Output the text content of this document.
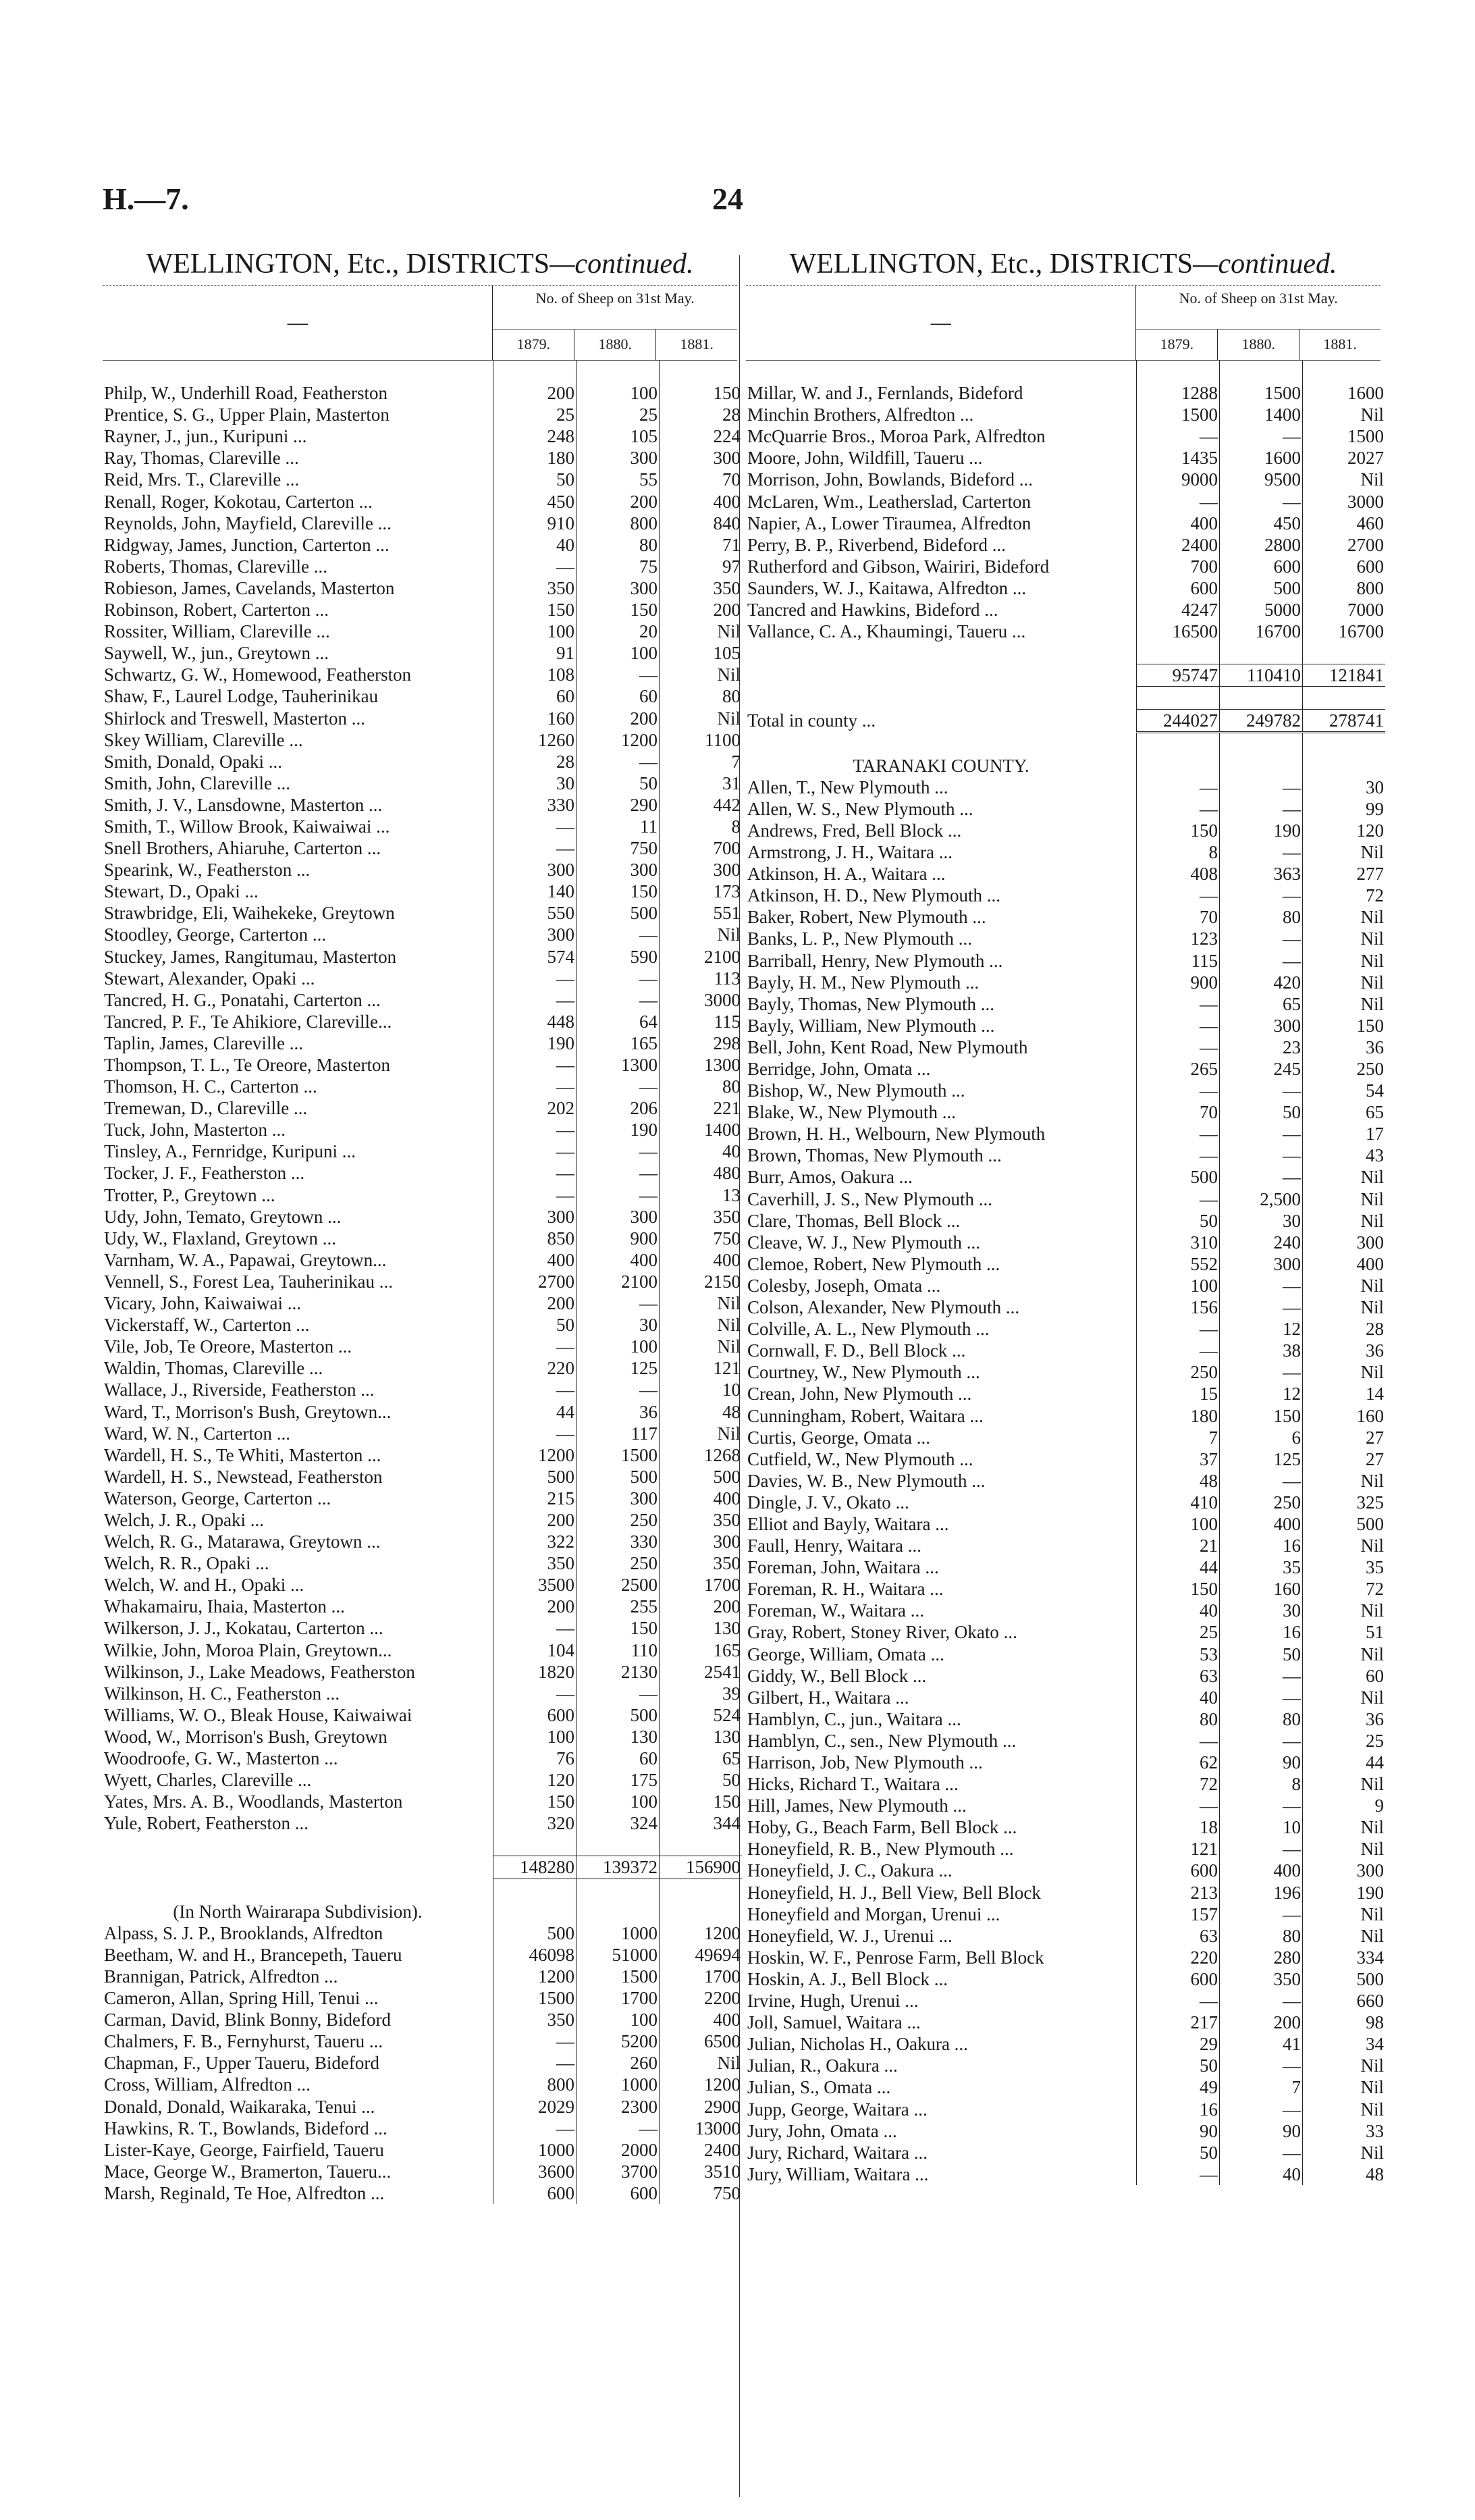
H.—7.	24
WELLINGTON, Etc., DISTRICTS—continued.
—
No. of Sheep on 31st May.
1879.	1880.	1881.

Philp, W., Underhill Road, Featherston	200	100	150
Prentice, S. G., Upper Plain, Masterton	25	25	28
Rayner, J., jun., Kuripuni ...	248	105	224
Ray, Thomas, Clareville ...	180	300	300
Reid, Mrs. T., Clareville ...	50	55	70
Renall, Roger, Kokotau, Carterton ...	450	200	400
Reynolds, John, Mayfield, Clareville ...	910	800	840
Ridgway, James, Junction, Carterton ...	40	80	71
Roberts, Thomas, Clareville ...	—	75	97
Robieson, James, Cavelands, Masterton	350	300	350
Robinson, Robert, Carterton ...	150	150	200
Rossiter, William, Clareville ...	100	20	Nil
Saywell, W., jun., Greytown ...	91	100	105
Schwartz, G. W., Homewood, Featherston	108	—	Nil
Shaw, F., Laurel Lodge, Tauherinikau	60	60	80
Shirlock and Treswell, Masterton ...	160	200	Nil
Skey William, Clareville ...	1260	1200	1100
Smith, Donald, Opaki ...	28	—	7
Smith, John, Clareville ...	30	50	31
Smith, J. V., Lansdowne, Masterton ...	330	290	442
Smith, T., Willow Brook, Kaiwaiwai ...	—	11	8
Snell Brothers, Ahiaruhe, Carterton ...	—	750	700
Spearink, W., Featherston ...	300	300	300
Stewart, D., Opaki ...	140	150	173
Strawbridge, Eli, Waihekeke, Greytown	550	500	551
Stoodley, George, Carterton ...	300	—	Nil
Stuckey, James, Rangitumau, Masterton	574	590	2100
Stewart, Alexander, Opaki ...	—	—	113
Tancred, H. G., Ponatahi, Carterton ...	—	—	3000
Tancred, P. F., Te Ahikiore, Clareville...	448	64	115
Taplin, James, Clareville ...	190	165	298
Thompson, T. L., Te Oreore, Masterton	—	1300	1300
Thomson, H. C., Carterton ...	—	—	80
Tremewan, D., Clareville ...	202	206	221
Tuck, John, Masterton ...	—	190	1400
Tinsley, A., Fernridge, Kuripuni ...	—	—	40
Tocker, J. F., Featherston ...	—	—	480
Trotter, P., Greytown ...	—	—	13
Udy, John, Temato, Greytown ...	300	300	350
Udy, W., Flaxland, Greytown ...	850	900	750
Varnham, W. A., Papawai, Greytown...	400	400	400
Vennell, S., Forest Lea, Tauherinikau ...	2700	2100	2150
Vicary, John, Kaiwaiwai ...	200	—	Nil
Vickerstaff, W., Carterton ...	50	30	Nil
Vile, Job, Te Oreore, Masterton ...	—	100	Nil
Waldin, Thomas, Clareville ...	220	125	121
Wallace, J., Riverside, Featherston ...	—	—	10
Ward, T., Morrison's Bush, Greytown...	44	36	48
Ward, W. N., Carterton ...	—	117	Nil
Wardell, H. S., Te Whiti, Masterton ...	1200	1500	1268
Wardell, H. S., Newstead, Featherston	500	500	500
Waterson, George, Carterton ...	215	300	400
Welch, J. R., Opaki ...	200	250	350
Welch, R. G., Matarawa, Greytown ...	322	330	300
Welch, R. R., Opaki ...	350	250	350
Welch, W. and H., Opaki ...	3500	2500	1700
Whakamairu, Ihaia, Masterton ...	200	255	200
Wilkerson, J. J., Kokatau, Carterton ...	—	150	130
Wilkie, John, Moroa Plain, Greytown...	104	110	165
Wilkinson, J., Lake Meadows, Featherston	1820	2130	2541
Wilkinson, H. C., Featherston ...	—	—	39
Williams, W. O., Bleak House, Kaiwaiwai	600	500	524
Wood, W., Morrison's Bush, Greytown	100	130	130
Woodroofe, G. W., Masterton ...	76	60	65
Wyett, Charles, Clareville ...	120	175	50
Yates, Mrs. A. B., Woodlands, Masterton	150	100	150
Yule, Robert, Featherston ...	320	324	344

	148280	139372	156900

(In North Wairarapa Subdivision).			
Alpass, S. J. P., Brooklands, Alfredton	500	1000	1200
Beetham, W. and H., Brancepeth, Taueru	46098	51000	49694
Brannigan, Patrick, Alfredton ...	1200	1500	1700
Cameron, Allan, Spring Hill, Tenui ...	1500	1700	2200
Carman, David, Blink Bonny, Bideford	350	100	400
Chalmers, F. B., Fernyhurst, Taueru ...	—	5200	6500
Chapman, F., Upper Taueru, Bideford	—	260	Nil
Cross, William, Alfredton ...	800	1000	1200
Donald, Donald, Waikaraka, Tenui ...	2029	2300	2900
Hawkins, R. T., Bowlands, Bideford ...	—	—	13000
Lister-Kaye, George, Fairfield, Taueru	1000	2000	2400
Mace, George W., Bramerton, Taueru...	3600	3700	3510
Marsh, Reginald, Te Hoe, Alfredton ...	600	600	750
WELLINGTON, Etc., DISTRICTS—continued.
—
No. of Sheep on 31st May.
1879.	1880.	1881.

Millar, W. and J., Fernlands, Bideford	1288	1500	1600
Minchin Brothers, Alfredton ...	1500	1400	Nil
McQuarrie Bros., Moroa Park, Alfredton	—	—	1500
Moore, John, Wildfill, Taueru ...	1435	1600	2027
Morrison, John, Bowlands, Bideford ...	9000	9500	Nil
McLaren, Wm., Leatherslad, Carterton	—	—	3000
Napier, A., Lower Tiraumea, Alfredton	400	450	460
Perry, B. P., Riverbend, Bideford ...	2400	2800	2700
Rutherford and Gibson, Wairiri, Bideford	700	600	600
Saunders, W. J., Kaitawa, Alfredton ...	600	500	800
Tancred and Hawkins, Bideford ...	4247	5000	7000
Vallance, C. A., Khaumingi, Taueru ...	16500	16700	16700

	95747	110410	121841

Total in county ...	244027	249782	278741

TARANAKI COUNTY.			
Allen, T., New Plymouth ...	—	—	30
Allen, W. S., New Plymouth ...	—	—	99
Andrews, Fred, Bell Block ...	150	190	120
Armstrong, J. H., Waitara ...	8	—	Nil
Atkinson, H. A., Waitara ...	408	363	277
Atkinson, H. D., New Plymouth ...	—	—	72
Baker, Robert, New Plymouth ...	70	80	Nil
Banks, L. P., New Plymouth ...	123	—	Nil
Barriball, Henry, New Plymouth ...	115	—	Nil
Bayly, H. M., New Plymouth ...	900	420	Nil
Bayly, Thomas, New Plymouth ...	—	65	Nil
Bayly, William, New Plymouth ...	—	300	150
Bell, John, Kent Road, New Plymouth	—	23	36
Berridge, John, Omata ...	265	245	250
Bishop, W., New Plymouth ...	—	—	54
Blake, W., New Plymouth ...	70	50	65
Brown, H. H., Welbourn, New Plymouth	—	—	17
Brown, Thomas, New Plymouth ...	—	—	43
Burr, Amos, Oakura ...	500	—	Nil
Caverhill, J. S., New Plymouth ...	—	2,500	Nil
Clare, Thomas, Bell Block ...	50	30	Nil
Cleave, W. J., New Plymouth ...	310	240	300
Clemoe, Robert, New Plymouth ...	552	300	400
Colesby, Joseph, Omata ...	100	—	Nil
Colson, Alexander, New Plymouth ...	156	—	Nil
Colville, A. L., New Plymouth ...	—	12	28
Cornwall, F. D., Bell Block ...	—	38	36
Courtney, W., New Plymouth ...	250	—	Nil
Crean, John, New Plymouth ...	15	12	14
Cunningham, Robert, Waitara ...	180	150	160
Curtis, George, Omata ...	7	6	27
Cutfield, W., New Plymouth ...	37	125	27
Davies, W. B., New Plymouth ...	48	—	Nil
Dingle, J. V., Okato ...	410	250	325
Elliot and Bayly, Waitara ...	100	400	500
Faull, Henry, Waitara ...	21	16	Nil
Foreman, John, Waitara ...	44	35	35
Foreman, R. H., Waitara ...	150	160	72
Foreman, W., Waitara ...	40	30	Nil
Gray, Robert, Stoney River, Okato ...	25	16	51
George, William, Omata ...	53	50	Nil
Giddy, W., Bell Block ...	63	—	60
Gilbert, H., Waitara ...	40	—	Nil
Hamblyn, C., jun., Waitara ...	80	80	36
Hamblyn, C., sen., New Plymouth ...	—	—	25
Harrison, Job, New Plymouth ...	62	90	44
Hicks, Richard T., Waitara ...	72	8	Nil
Hill, James, New Plymouth ...	—	—	9
Hoby, G., Beach Farm, Bell Block ...	18	10	Nil
Honeyfield, R. B., New Plymouth ...	121	—	Nil
Honeyfield, J. C., Oakura ...	600	400	300
Honeyfield, H. J., Bell View, Bell Block	213	196	190
Honeyfield and Morgan, Urenui ...	157	—	Nil
Honeyfield, W. J., Urenui ...	63	80	Nil
Hoskin, W. F., Penrose Farm, Bell Block	220	280	334
Hoskin, A. J., Bell Block ...	600	350	500
Irvine, Hugh, Urenui ...	—	—	660
Joll, Samuel, Waitara ...	217	200	98
Julian, Nicholas H., Oakura ...	29	41	34
Julian, R., Oakura ...	50	—	Nil
Julian, S., Omata ...	49	7	Nil
Jupp, George, Waitara ...	16	—	Nil
Jury, John, Omata ...	90	90	33
Jury, Richard, Waitara ...	50	—	Nil
Jury, William, Waitara ...	—	40	48
